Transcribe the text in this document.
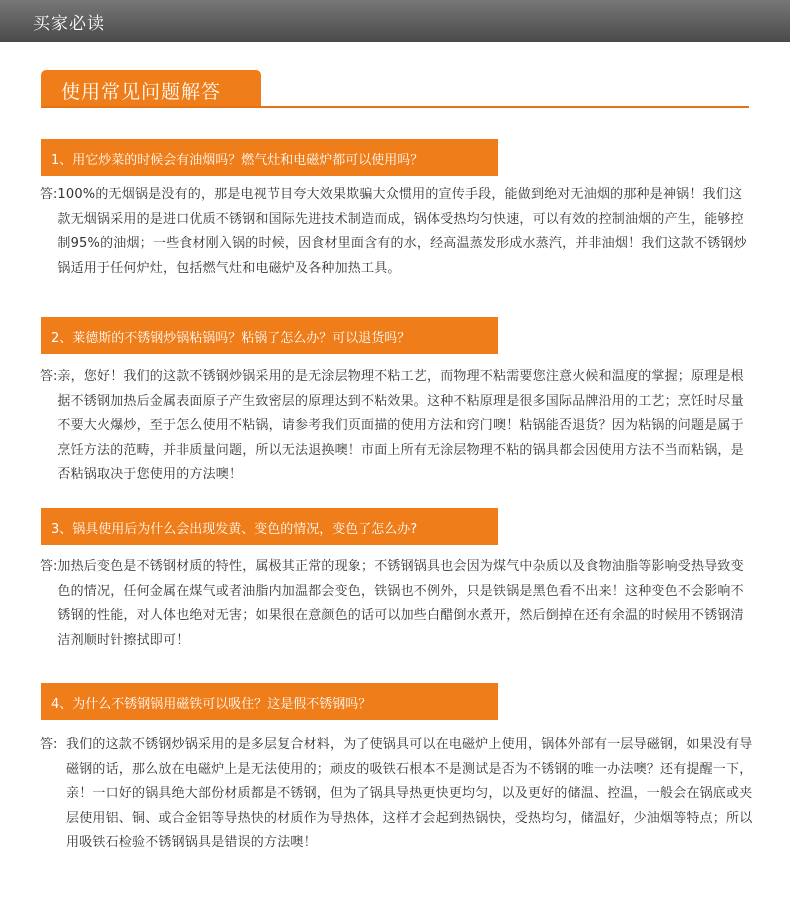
买家必读
使用常见问题解答
1、用它炒菜的时候会有油烟吗？燃气灶和电磁炉都可以使用吗？
答: 100%的无烟锅是没有的，那是电视节目夸大效果欺骗大众惯用的宣传手段，能做到绝对无油烟的那种是神锅！我们这款无烟锅采用的是进口优质不锈钢和国际先进技术制造而成，锅体受热均匀快速，可以有效的控制油烟的产生，能够控制95%的油烟；一些食材刚入锅的时候，因食材里面含有的水，经高温蒸发形成水蒸汽，并非油烟！我们这款不锈钢炒锅适用于任何炉灶，包括燃气灶和电磁炉及各种加热工具。
2、莱德斯的不锈钢炒锅粘锅吗？粘锅了怎么办？可以退货吗？
答: 亲，您好！我们的这款不锈钢炒锅采用的是无涂层物理不粘工艺，而物理不粘需要您注意火候和温度的掌握；原理是根据不锈钢加热后金属表面原子产生致密层的原理达到不粘效果。这种不粘原理是很多国际品牌沿用的工艺；烹饪时尽量不要大火爆炒，至于怎么使用不粘锅，请参考我们页面描的使用方法和窍门噢！粘锅能否退货？因为粘锅的问题是属于烹饪方法的范畴，并非质量问题，所以无法退换噢！市面上所有无涂层物理不粘的锅具都会因使用方法不当而粘锅，是否粘锅取决于您使用的方法噢！
3、锅具使用后为什么会出现发黄、变色的情况，变色了怎么办?
答: 加热后变色是不锈钢材质的特性，属极其正常的现象；不锈钢锅具也会因为煤气中杂质以及食物油脂等影响受热导致变色的情况，任何金属在煤气或者油脂内加温都会变色，铁锅也不例外，只是铁锅是黑色看不出来！这种变色不会影响不锈钢的性能，对人体也绝对无害；如果很在意颜色的话可以加些白醋倒水煮开，然后倒掉在还有余温的时候用不锈钢清洁剂顺时针擦拭即可！
4、为什么不锈钢锅用磁铁可以吸住？这是假不锈钢吗？
答: 我们的这款不锈钢炒锅采用的是多层复合材料，为了使锅具可以在电磁炉上使用，锅体外部有一层导磁钢，如果没有导磁钢的话，那么放在电磁炉上是无法使用的；顽皮的吸铁石根本不是测试是否为不锈钢的唯一办法噢？还有提醒一下，亲！一口好的锅具绝大部份材质都是不锈钢，但为了锅具导热更快更均匀，以及更好的储温、控温，一般会在锅底或夹层使用铝、铜、或合金铝等导热快的材质作为导热体，这样才会起到热锅快，受热均匀，储温好，少油烟等特点；所以用吸铁石检验不锈钢锅具是错误的方法噢！
